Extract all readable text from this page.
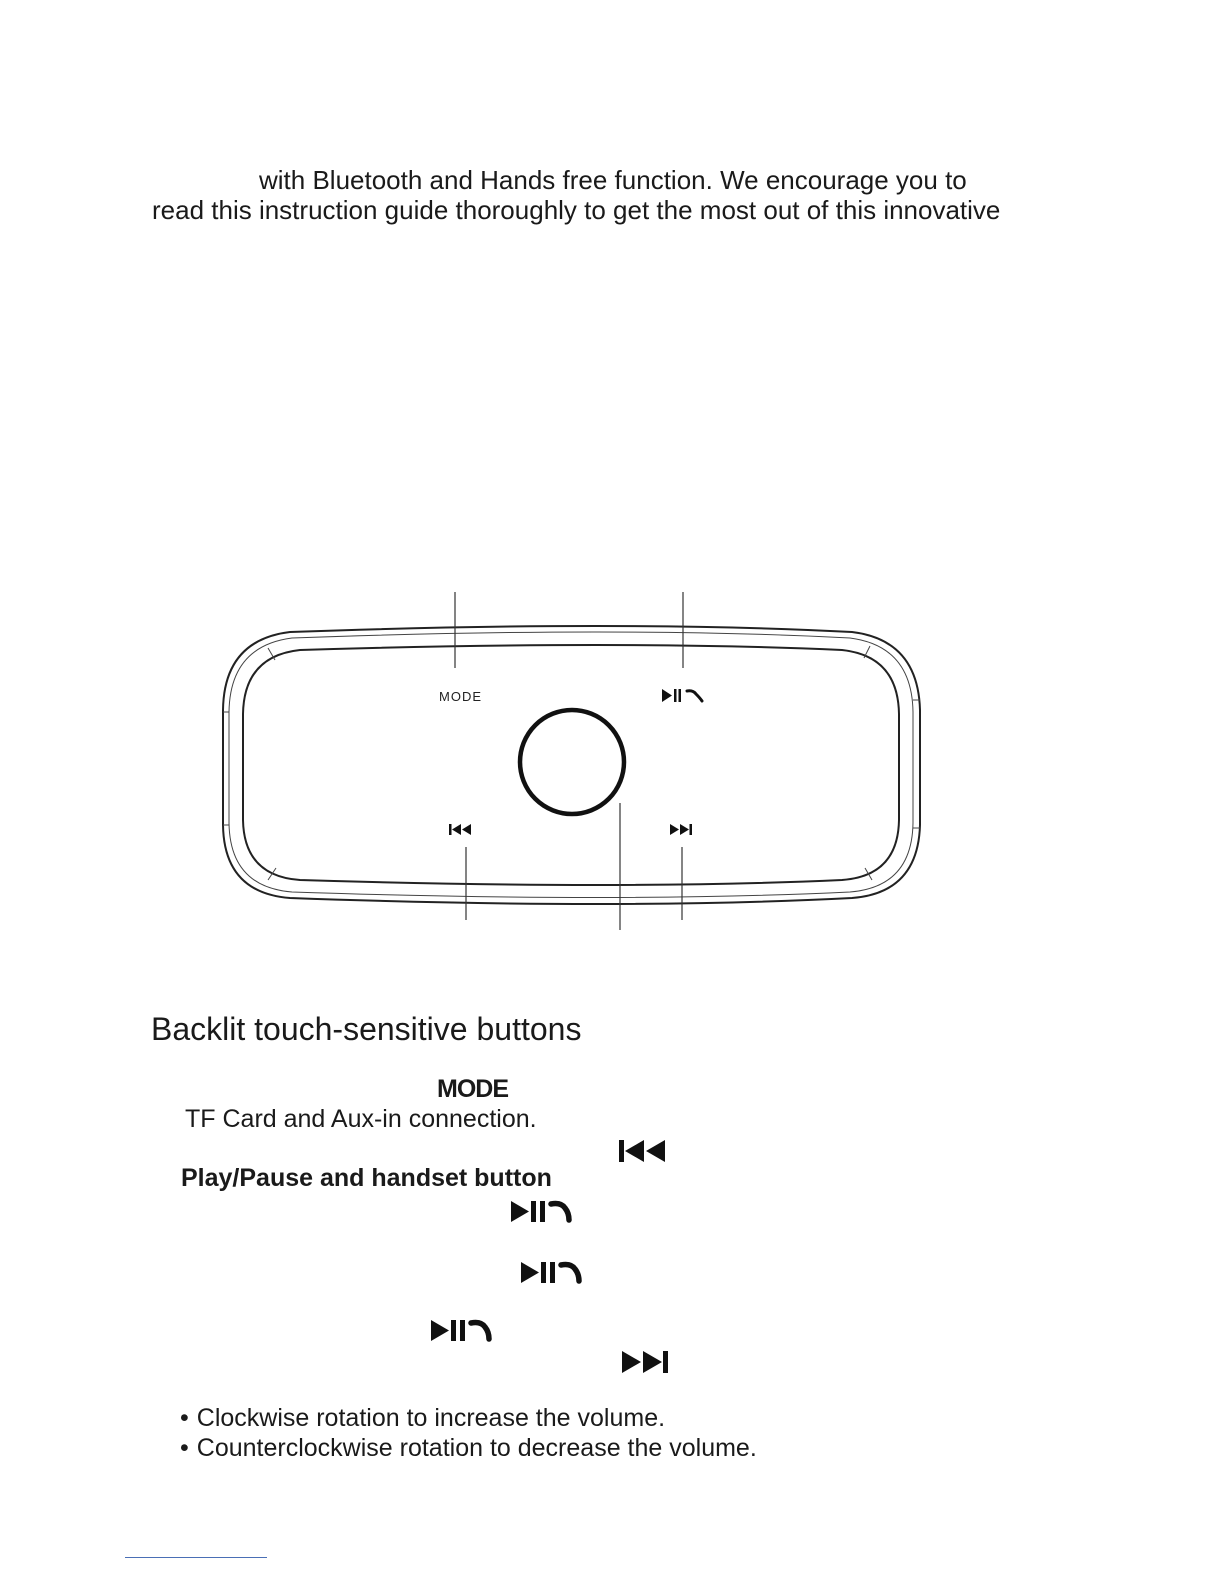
with Bluetooth and Hands free function. We encourage you to
read this instruction guide thoroughly to get the most out of this innovative
MODE
Backlit touch-sensitive buttons
MODE
TF Card and Aux-in connection.
Play/Pause and handset button
• Clockwise rotation to increase the volume.
• Counterclockwise rotation to decrease the volume.
